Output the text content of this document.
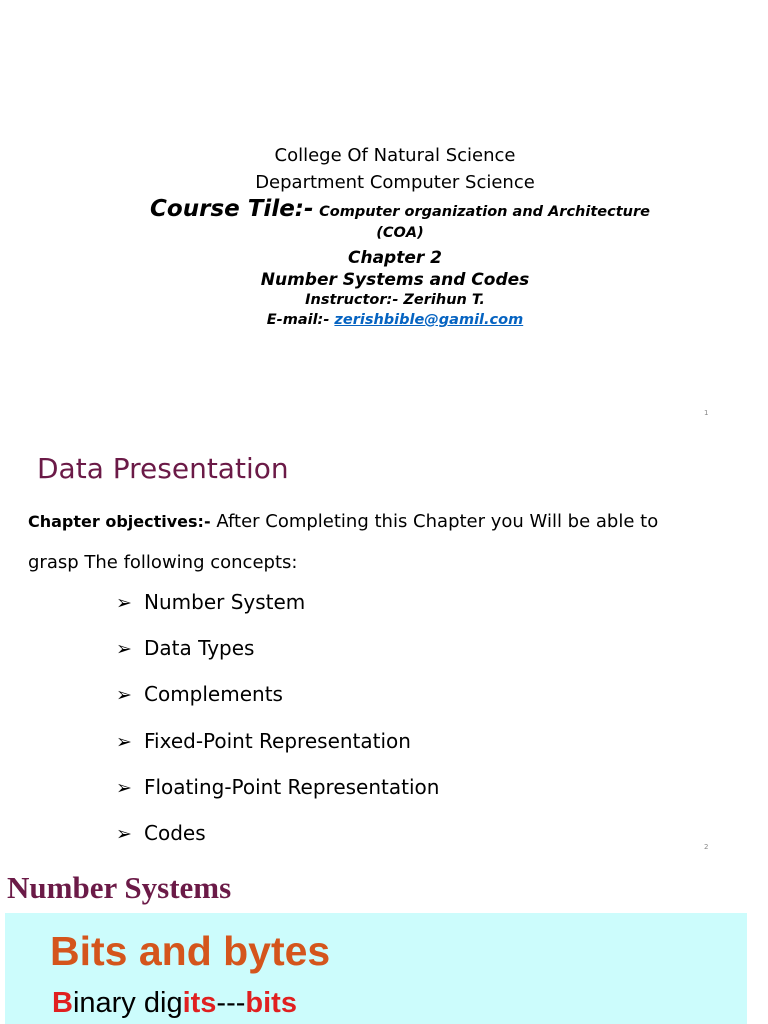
College Of Natural Science
Department Computer Science
Course Tile:- Computer organization and Architecture
(COA)
Chapter 2
Number Systems and Codes
Instructor:- Zerihun T.
E-mail:- zerishbible@gamil.com
1
Data Presentation
Chapter objectives:- After Completing this Chapter you Will be able to
grasp The following concepts:
➢ Number System
➢ Data Types
➢ Complements
➢ Fixed-Point Representation
➢ Floating-Point Representation
➢ Codes
2
Number Systems
Bits and bytes
Binary digits---bits
